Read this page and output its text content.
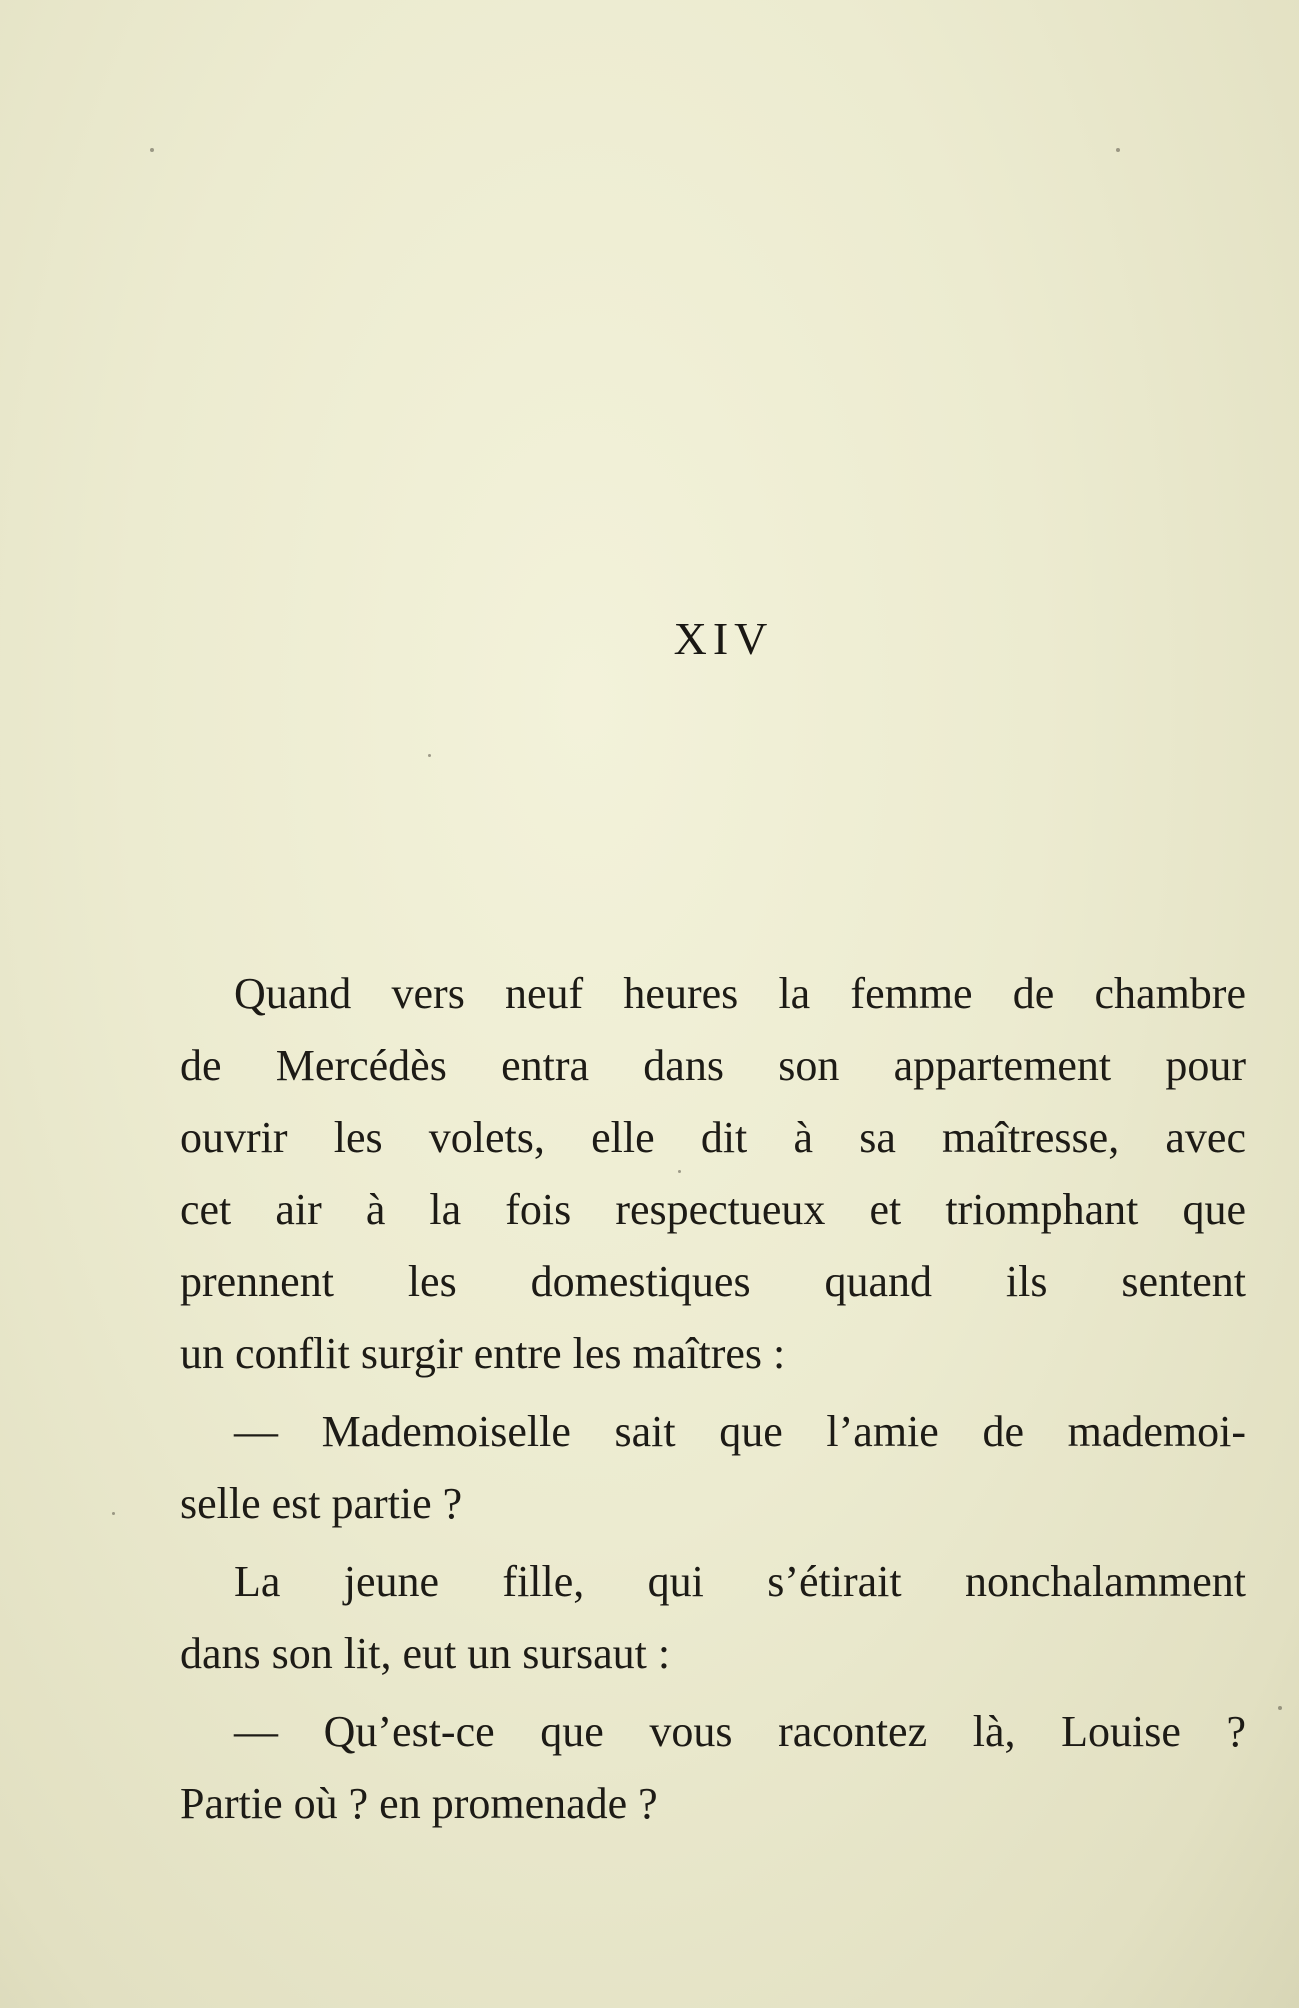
XIV

Quand vers neuf heures la femme de chambre
de Mercédès entra dans son appartement pour
ouvrir les volets, elle dit à sa maîtresse, avec
cet air à la fois respectueux et triomphant que
prennent les domestiques quand ils sentent
un conflit surgir entre les maîtres :

— Mademoiselle sait que l’amie de mademoi-
selle est partie ?

La jeune fille, qui s’étirait nonchalamment
dans son lit, eut un sursaut :

— Qu’est-ce que vous racontez là, Louise ?
Partie où ? en promenade ?
